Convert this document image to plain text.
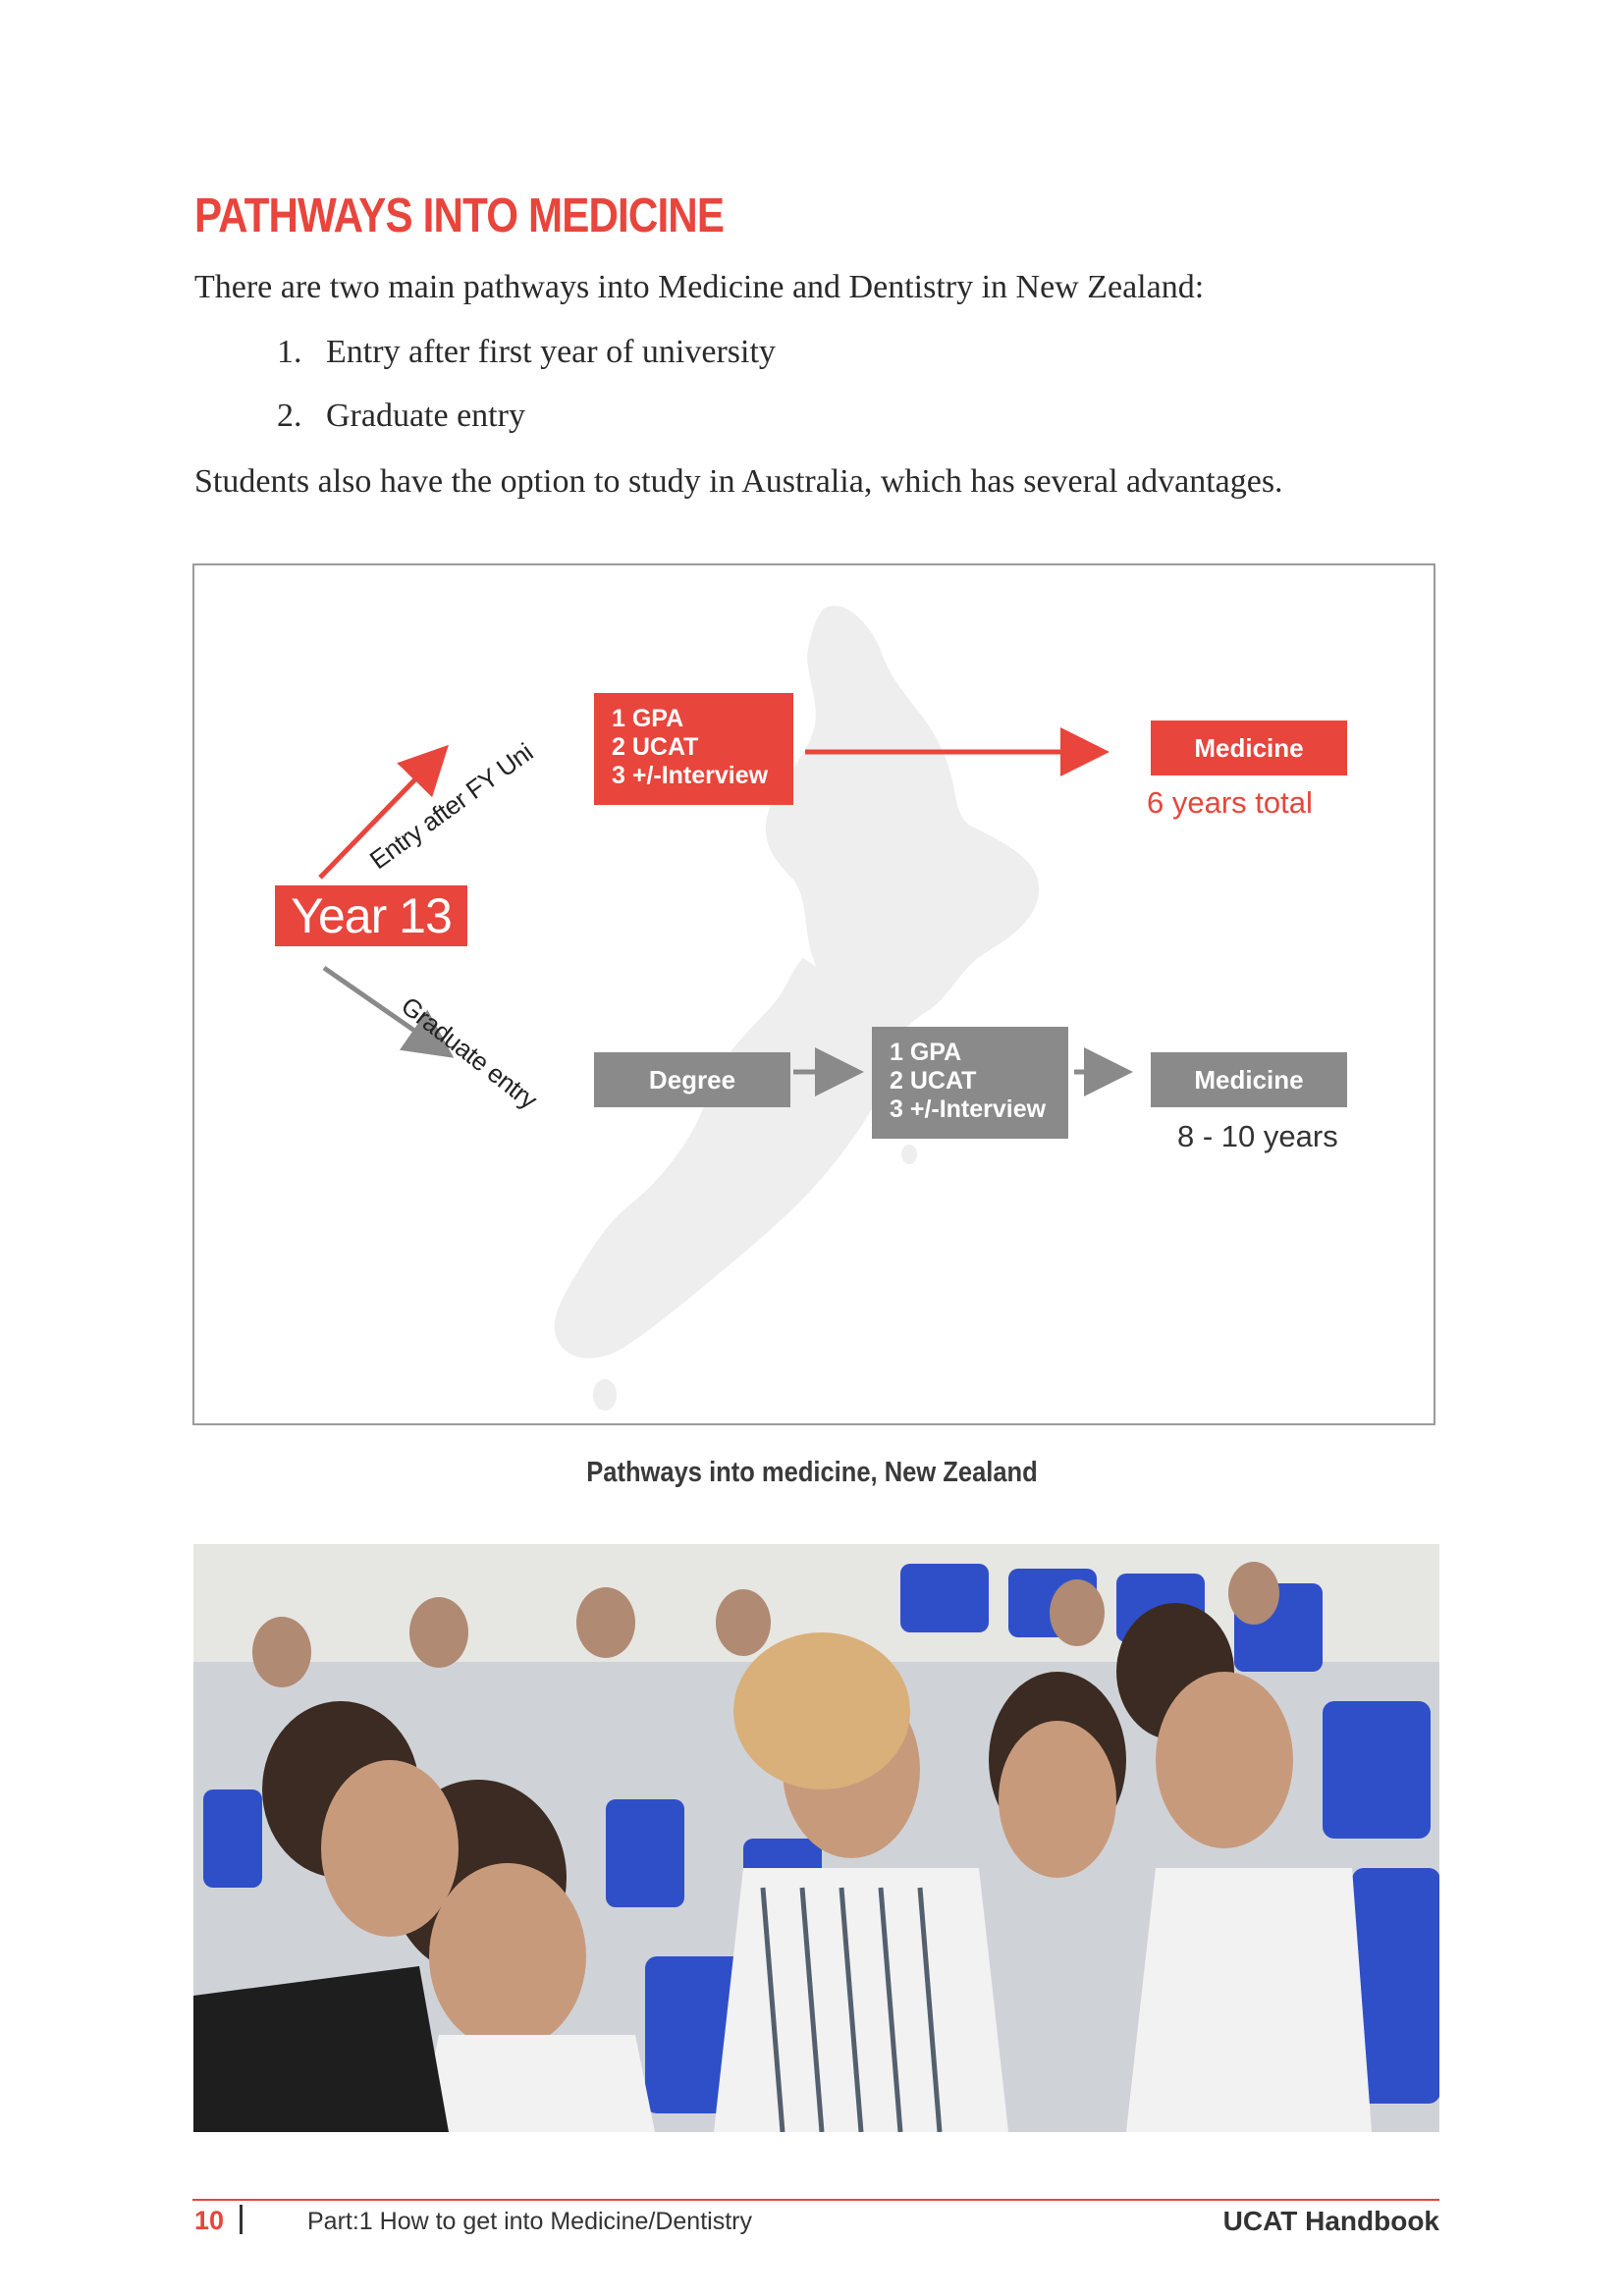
PATHWAYS INTO MEDICINE

There are two main pathways into Medicine and Dentistry in New Zealand:

1. Entry after first year of university

2. Graduate entry

Students also have the option to study in Australia, which has several advantages.

Year 13
Entry after FY Uni
Graduate entry
1 GPA
2 UCAT
3 +/-Interview
Medicine
6 years total
Degree
1 GPA
2 UCAT
3 +/-Interview
Medicine
8 - 10 years
Pathways into medicine, New Zealand
10	Part:1 How to get into Medicine/Dentistry	UCAT Handbook
